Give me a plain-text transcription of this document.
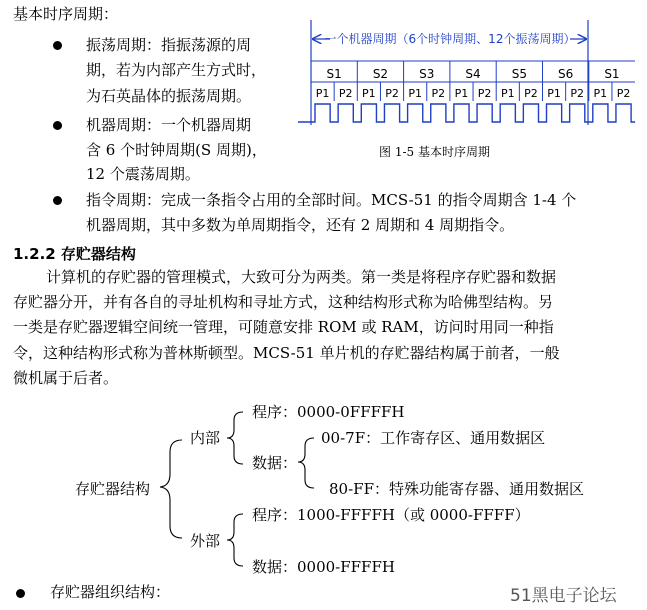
基本时序周期：
振荡周期：指振荡源的周
期，若为内部产生方式时，
为石英晶体的振荡周期。
机器周期：一个机器周期
含 6 个时钟周期(S 周期)，
12 个震荡周期。
一个机器周期（6个时钟周期、12个振荡周期）
S1	S2	S3	S4	S5	S6	S1
P1 P2 P1 P2 P1 P2 P1 P2 P1 P2 P1 P2 P1 P2
图 1-5 基本时序周期
指令周期：完成一条指令占用的全部时间。MCS-51 的指令周期含 1-4 个
机器周期，其中多数为单周期指令，还有 2 周期和 4 周期指令。
1.2.2 存贮器结构
计算机的存贮器的管理模式，大致可分为两类。第一类是将程序存贮器和数据
存贮器分开，并有各自的寻址机构和寻址方式，这种结构形式称为哈佛型结构。另
一类是存贮器逻辑空间统一管理，可随意安排 ROM 或 RAM，访问时用同一种指
令，这种结构形式称为普林斯顿型。MCS-51 单片机的存贮器结构属于前者，一般
微机属于后者。
存贮器结构
内部
外部
程序：0000-0FFFFH
数据：
00-7F：工作寄存区、通用数据区
80-FF：特殊功能寄存器、通用数据区
程序：1000-FFFFH（或 0000-FFFF）
数据：0000-FFFFH
存贮器组织结构：	51黑电子论坛
